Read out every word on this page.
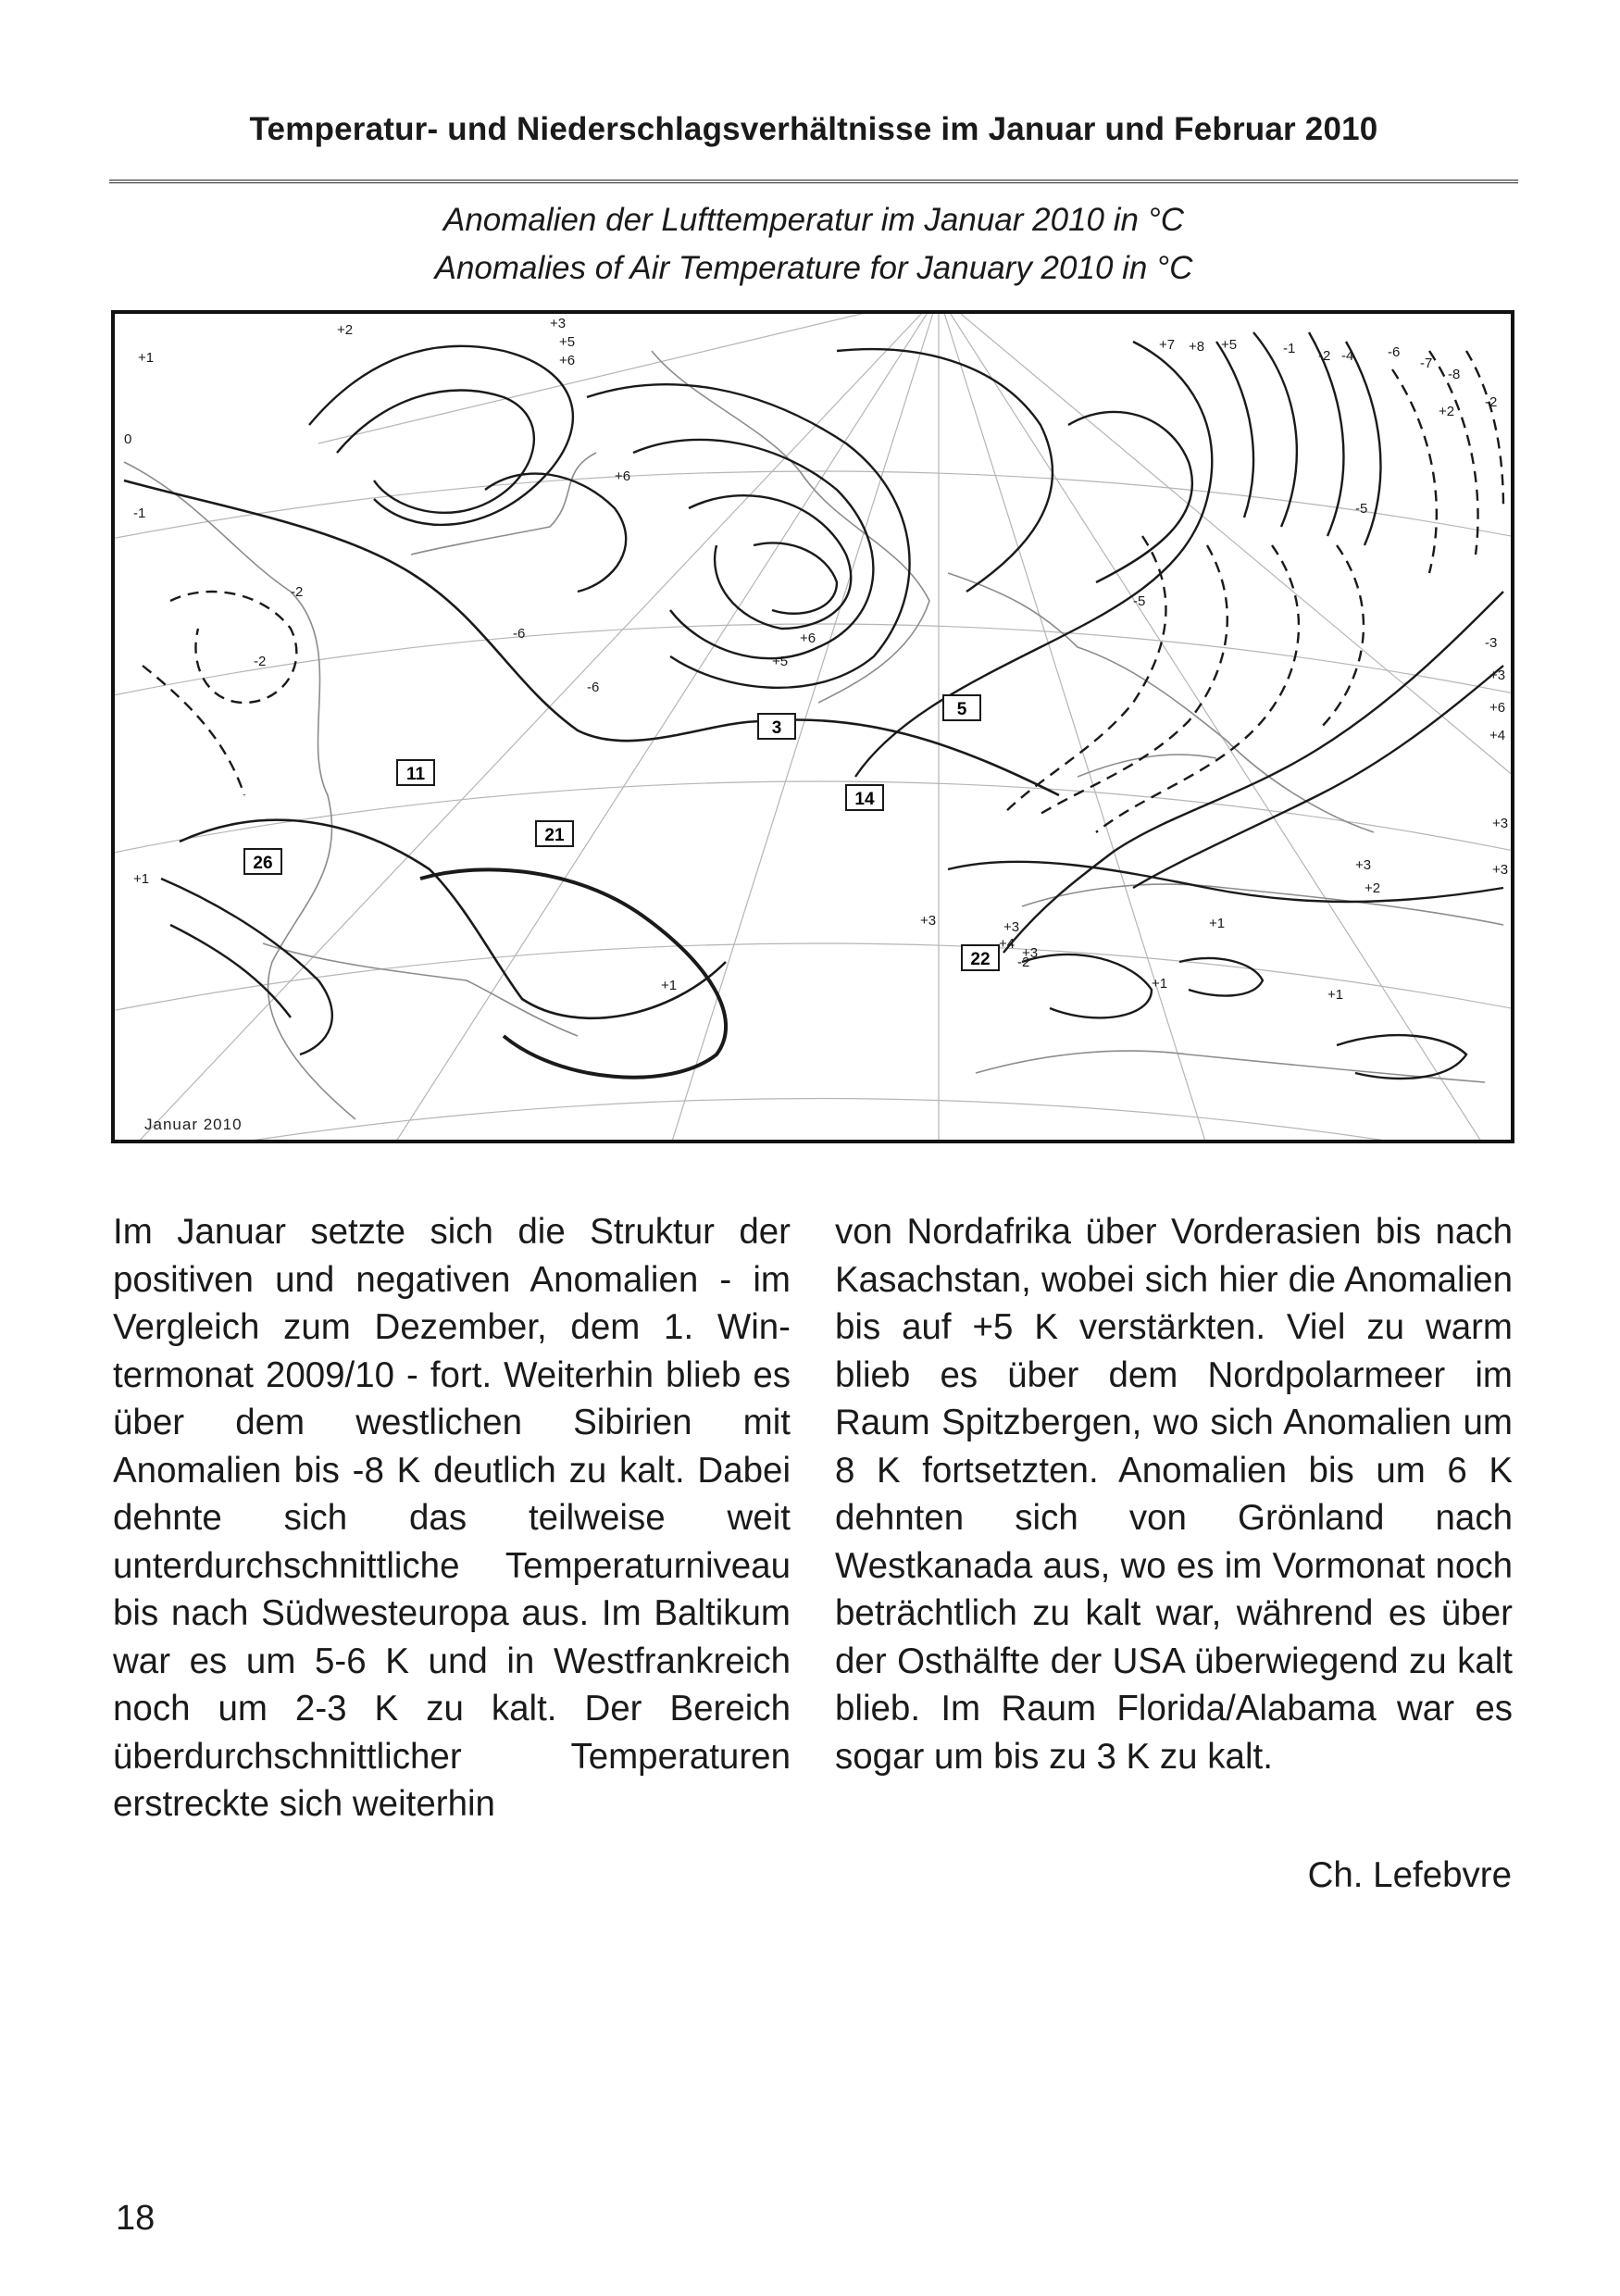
Temperatur- und Niederschlagsverhältnisse im Januar und Februar 2010
Anomalien der Lufttemperatur im Januar 2010 in °C
Anomalies of Air Temperature for January 2010 in °C
3
5
11
14
21
26
22
+3
+5
+6
+6
+5
-6
+6
+2
+1
0
-1
-2
-2
-6
+7 +8 +5	-1 -2 -4 -6
-7
-8
-5
-5
-3
-2
+2
+3
+6
+4
+3
+3
+2
+3
+3
+4
+3
-2
+3	+1
+1
+1
+1
+1
Januar 2010

Im Januar setzte sich die Struktur der positiven und negativen Anomalien - im Vergleich zum Dezember, dem 1. Wintermonat 2009/10 - fort. Weiterhin blieb es über dem westlichen Sibirien mit Anomalien bis -8 K deutlich zu kalt. Dabei dehnte sich das teilweise weit unterdurchschnittliche Temperaturniveau bis nach Südwesteuropa aus. Im Baltikum war es um 5-6 K und in Westfrankreich noch um 2-3 K zu kalt. Der Bereich überdurchschnittlicher Temperaturen erstreckte sich weiterhin

von Nordafrika über Vorderasien bis nach Kasachstan, wobei sich hier die Anomalien bis auf +5 K verstärkten. Viel zu warm blieb es über dem Nordpolarmeer im Raum Spitzbergen, wo sich Anomalien um 8 K fortsetzten. Anomalien bis um 6 K dehnten sich von Grönland nach Westkanada aus, wo es im Vormonat noch beträchtlich zu kalt war, während es über der Osthälfte der USA überwiegend zu kalt blieb. Im Raum Florida/Alabama war es sogar um bis zu 3 K zu kalt.

Ch. Lefebvre
18
